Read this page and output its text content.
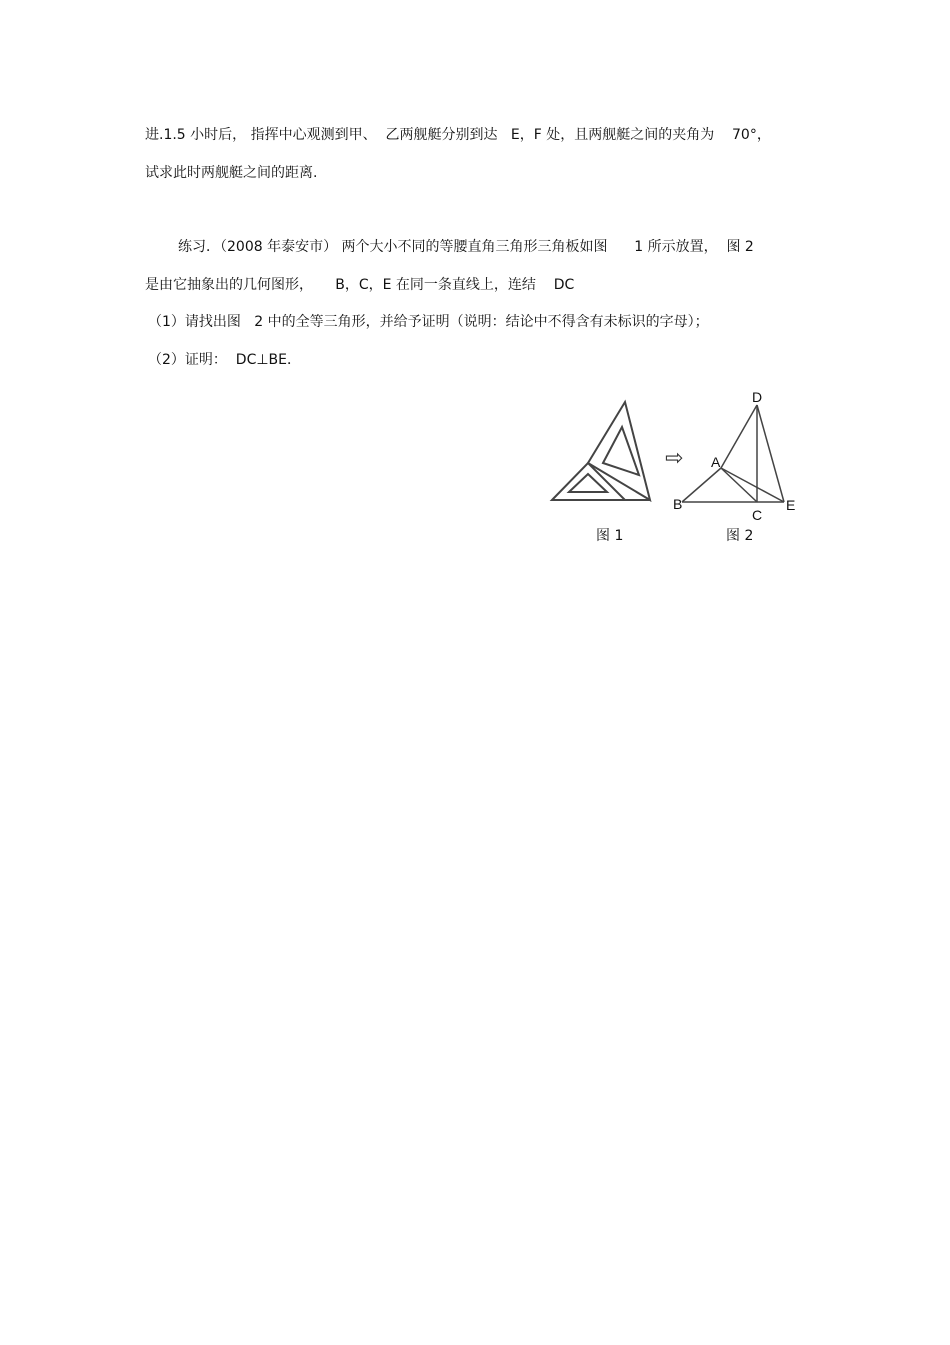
进.1.5 小时后， 指挥中心观测到甲、  乙两舰艇分别到达   E，F 处，且两舰艇之间的夹角为    70°，
试求此时两舰艇之间的距离.
练习．（2008 年泰安市） 两个大小不同的等腰直角三角形三角板如图      1 所示放置，  图 2
是由它抽象出的几何图形，     B，C，E 在同一条直线上，连结    DC
（1）请找出图   2 中的全等三角形，并给予证明（说明：结论中不得含有未标识的字母）；
（2）证明：  DC⊥BE．
⇨
D
A
B
C
E
图 1	图 2
